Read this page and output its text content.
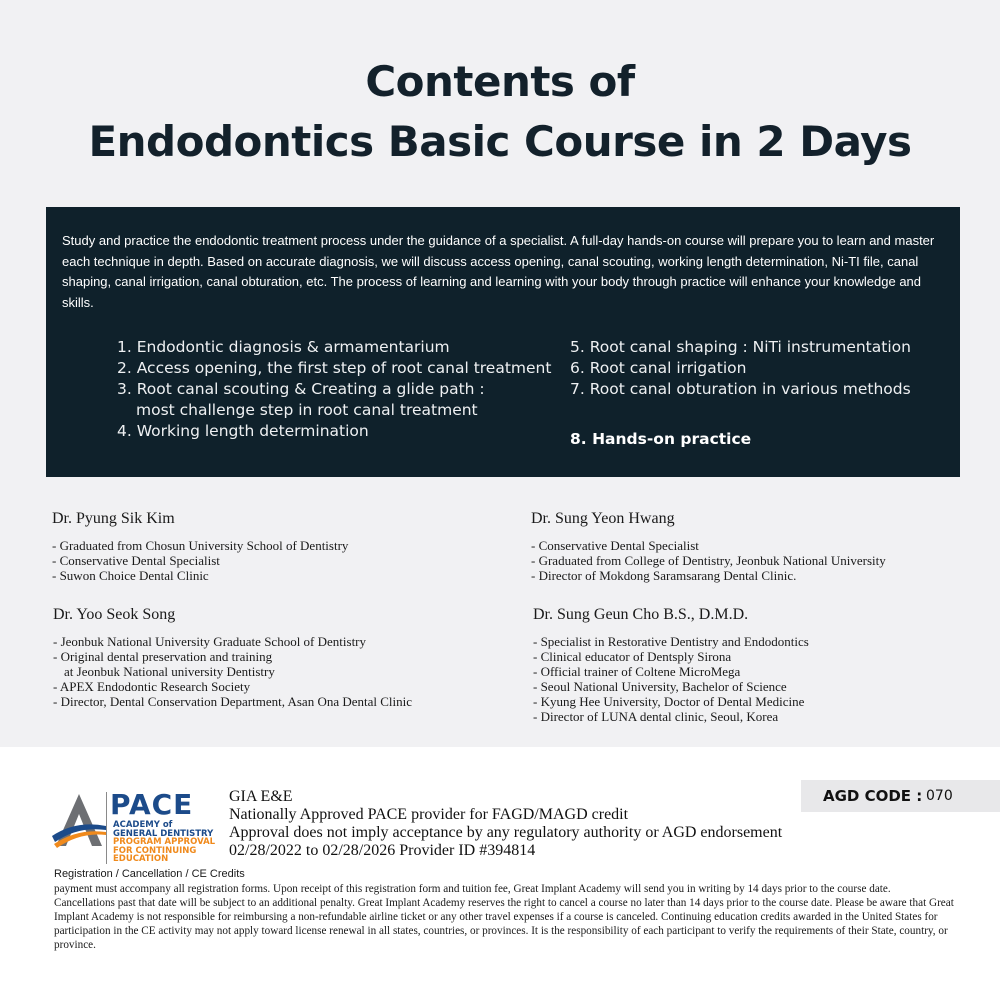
Contents of
Endodontics Basic Course in 2 Days

Study and practice the endodontic treatment process under the guidance of a specialist. A full-day hands-on course will prepare you to learn and master each technique in depth. Based on accurate diagnosis, we will discuss access opening, canal scouting, working length determination, Ni-TI file, canal shaping, canal irrigation, canal obturation, etc. The process of learning and learning with your body through practice will enhance your knowledge and skills.

1. Endodontic diagnosis & armamentarium
2. Access opening, the first step of root canal treatment
3. Root canal scouting & Creating a glide path :
most challenge step in root canal treatment
4. Working length determination
5. Root canal shaping : NiTi instrumentation
6. Root canal irrigation
7. Root canal obturation in various methods
8. Hands-on practice
Dr. Pyung Sik Kim
- Graduated from Chosun University School of Dentistry
- Conservative Dental Specialist
- Suwon Choice Dental Clinic
Dr. Sung Yeon Hwang
- Conservative Dental Specialist
- Graduated from College of Dentistry, Jeonbuk National University
- Director of Mokdong Saramsarang Dental Clinic.
Dr. Yoo Seok Song
- Jeonbuk National University Graduate School of Dentistry
- Original dental preservation and training
at Jeonbuk National university Dentistry
- APEX Endodontic Research Society
- Director, Dental Conservation Department, Asan Ona Dental Clinic
Dr. Sung Geun Cho B.S., D.M.D.
- Specialist in Restorative Dentistry and Endodontics
- Clinical educator of Dentsply Sirona
- Official trainer of Coltene MicroMega
- Seoul National University, Bachelor of Science
- Kyung Hee University, Doctor of Dental Medicine
- Director of LUNA dental clinic, Seoul, Korea
PACE
ACADEMY of
GENERAL DENTISTRY
PROGRAM APPROVAL
FOR CONTINUING
EDUCATION
GIA E&E
Nationally Approved PACE provider for FAGD/MAGD credit
Approval does not imply acceptance by any regulatory authority or AGD endorsement
02/28/2022 to 02/28/2026 Provider ID #394814
AGD CODE : 070
Registration / Cancellation / CE Credits

payment must accompany all registration forms. Upon receipt of this registration form and tuition fee, Great Implant Academy will send you in writing by 14 days prior to the course date.

Cancellations past that date will be subject to an additional penalty. Great Implant Academy reserves the right to cancel a course no later than 14 days prior to the course date. Please be aware that Great Implant Academy is not responsible for reimbursing a non-refundable airline ticket or any other travel expenses if a course is canceled. Continuing education credits awarded in the United States for participation in the CE activity may not apply toward license renewal in all states, countries, or provinces. It is the responsibility of each participant to verify the requirements of their State, country, or province.
